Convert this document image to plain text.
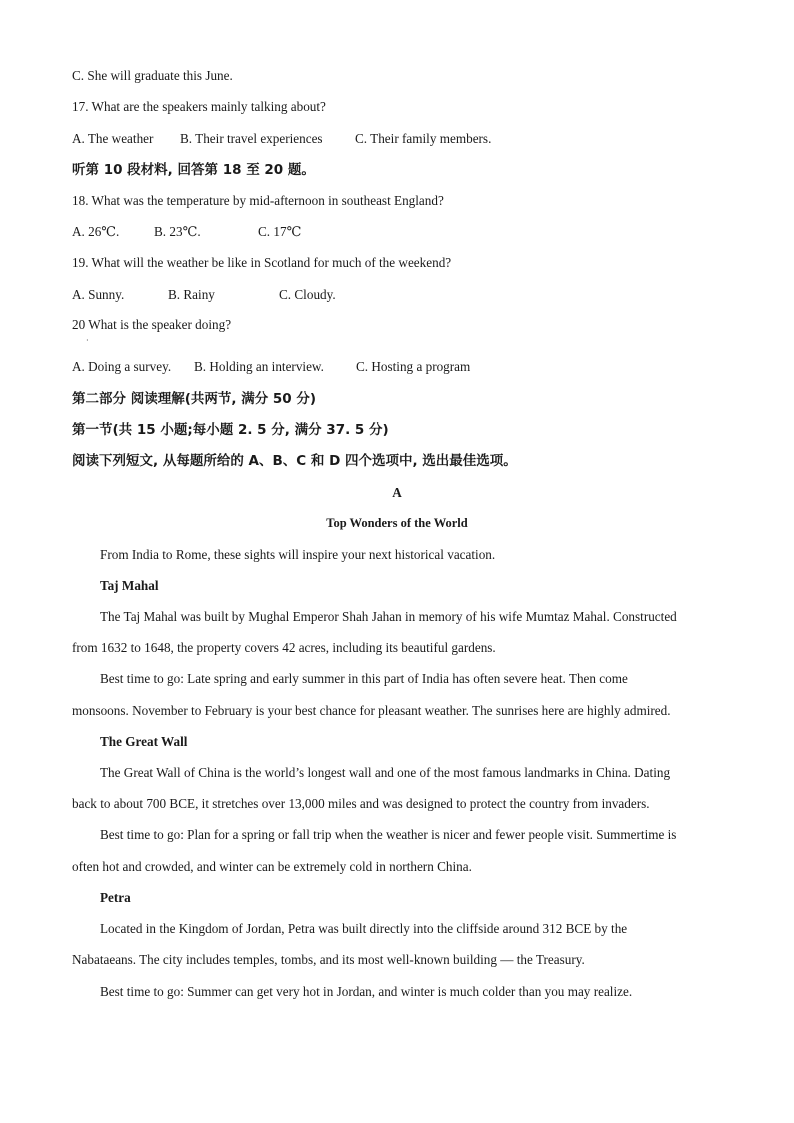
C. She will graduate this June.
17. What are the speakers mainly talking about?
A. The weather B. Their travel experiences C. Their family members.
听第 10 段材料, 回答第 18 至 20 题。
18. What was the temperature by mid-afternoon in southeast England?
A. 26℃.	B. 23℃.	C. 17℃
19. What will the weather be like in Scotland for much of the weekend?
A. Sunny.	B. Rainy	C. Cloudy.
20 What is the speaker doing?
·
A. Doing a survey. B. Holding an interview. C. Hosting a program
第二部分 阅读理解(共两节, 满分 50 分)
第一节(共 15 小题;每小题 2. 5 分, 满分 37. 5 分)
阅读下列短文, 从每题所给的 A、B、C 和 D 四个选项中, 选出最佳选项。
A
Top Wonders of the World
From India to Rome, these sights will inspire your next historical vacation.
Taj Mahal
The Taj Mahal was built by Mughal Emperor Shah Jahan in memory of his wife Mumtaz Mahal. Constructed
from 1632 to 1648, the property covers 42 acres, including its beautiful gardens.
Best time to go: Late spring and early summer in this part of India has often severe heat. Then come
monsoons. November to February is your best chance for pleasant weather. The sunrises here are highly admired.
The Great Wall
The Great Wall of China is the world’s longest wall and one of the most famous landmarks in China. Dating
back to about 700 BCE, it stretches over 13,000 miles and was designed to protect the country from invaders.
Best time to go: Plan for a spring or fall trip when the weather is nicer and fewer people visit. Summertime is
often hot and crowded, and winter can be extremely cold in northern China.
Petra
Located in the Kingdom of Jordan, Petra was built directly into the cliffside around 312 BCE by the
Nabataeans. The city includes temples, tombs, and its most well-known building — the Treasury.
Best time to go: Summer can get very hot in Jordan, and winter is much colder than you may realize.
